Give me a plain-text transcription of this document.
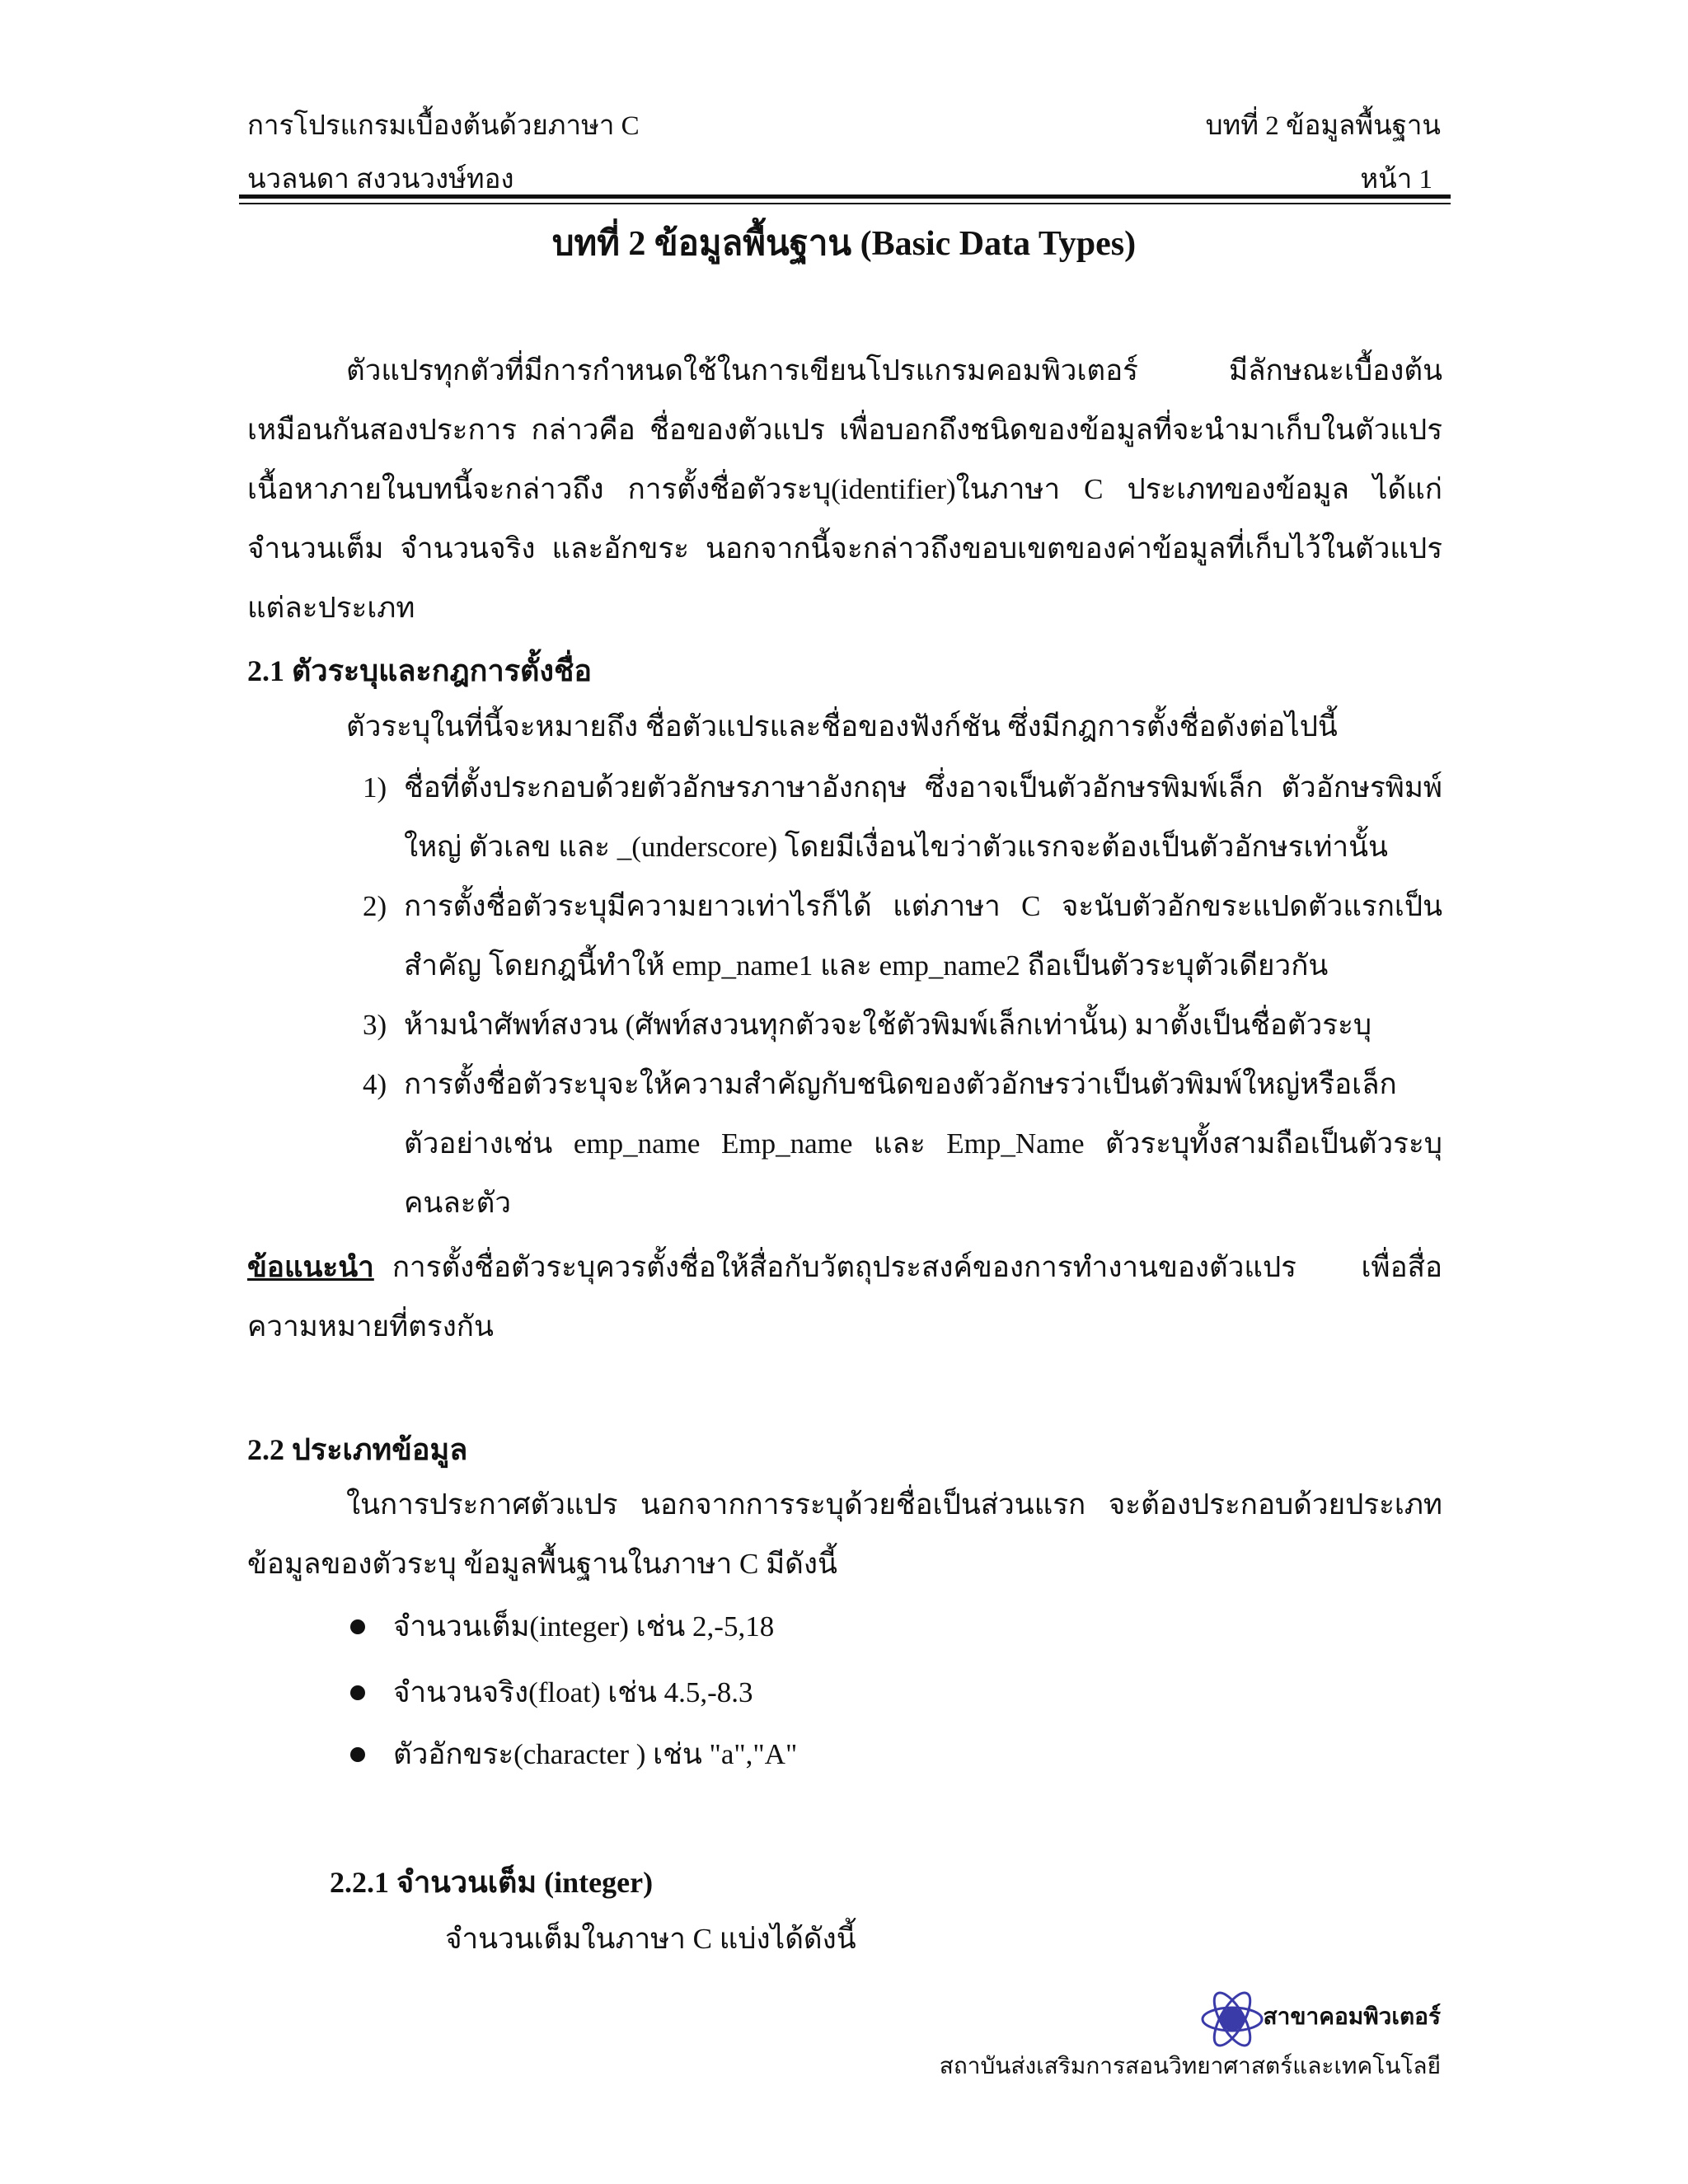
การโปรแกรมเบื้องต้นด้วยภาษา C	บทที่ 2 ข้อมูลพื้นฐาน
นวลนดา สงวนวงษ์ทอง	หน้า 1
บทที่ 2 ข้อมูลพื้นฐาน (Basic Data Types)
ตัวแปรทุกตัวที่มีการกำหนดใช้ในการเขียนโปรแกรมคอมพิวเตอร์ มีลักษณะเบื้องต้นเหมือนกันสองประการ กล่าวคือ ชื่อของตัวแปร เพื่อบอกถึงชนิดของข้อมูลที่จะนำมาเก็บในตัวแปร เนื้อหาภายในบทนี้จะกล่าวถึง การตั้งชื่อตัวระบุ(identifier)ในภาษา C ประเภทของข้อมูล ได้แก่ จำนวนเต็ม จำนวนจริง และอักขระ นอกจากนี้จะกล่าวถึงขอบเขตของค่าข้อมูลที่เก็บไว้ในตัวแปรแต่ละประเภท
2.1 ตัวระบุและกฎการตั้งชื่อ
ตัวระบุในที่นี้จะหมายถึง ชื่อตัวแปรและชื่อของฟังก์ชัน ซึ่งมีกฎการตั้งชื่อดังต่อไปนี้
1) ชื่อที่ตั้งประกอบด้วยตัวอักษรภาษาอังกฤษ ซึ่งอาจเป็นตัวอักษรพิมพ์เล็ก ตัวอักษรพิมพ์ใหญ่ ตัวเลข และ _(underscore) โดยมีเงื่อนไขว่าตัวแรกจะต้องเป็นตัวอักษรเท่านั้น
2) การตั้งชื่อตัวระบุมีความยาวเท่าไรก็ได้ แต่ภาษา C จะนับตัวอักขระแปดตัวแรกเป็นสำคัญ โดยกฎนี้ทำให้ emp_name1 และ emp_name2 ถือเป็นตัวระบุตัวเดียวกัน
3) ห้ามนำศัพท์สงวน (ศัพท์สงวนทุกตัวจะใช้ตัวพิมพ์เล็กเท่านั้น) มาตั้งเป็นชื่อตัวระบุ
4) การตั้งชื่อตัวระบุจะให้ความสำคัญกับชนิดของตัวอักษรว่าเป็นตัวพิมพ์ใหญ่หรือเล็ก ตัวอย่างเช่น emp_name Emp_name และ Emp_Name ตัวระบุทั้งสามถือเป็นตัวระบุ คนละตัว
ข้อแนะนำ การตั้งชื่อตัวระบุควรตั้งชื่อให้สื่อกับวัตถุประสงค์ของการทำงานของตัวแปร เพื่อสื่อความหมายที่ตรงกัน
2.2 ประเภทข้อมูล
ในการประกาศตัวแปร นอกจากการระบุด้วยชื่อเป็นส่วนแรก จะต้องประกอบด้วยประเภทข้อมูลของตัวระบุ ข้อมูลพื้นฐานในภาษา C มีดังนี้
จำนวนเต็ม(integer) เช่น 2,-5,18
จำนวนจริง(float) เช่น 4.5,-8.3
ตัวอักขระ(character ) เช่น "a","A"
2.2.1 จำนวนเต็ม (integer)
จำนวนเต็มในภาษา C แบ่งได้ดังนี้
สาขาคอมพิวเตอร์
สถาบันส่งเสริมการสอนวิทยาศาสตร์และเทคโนโลยี
